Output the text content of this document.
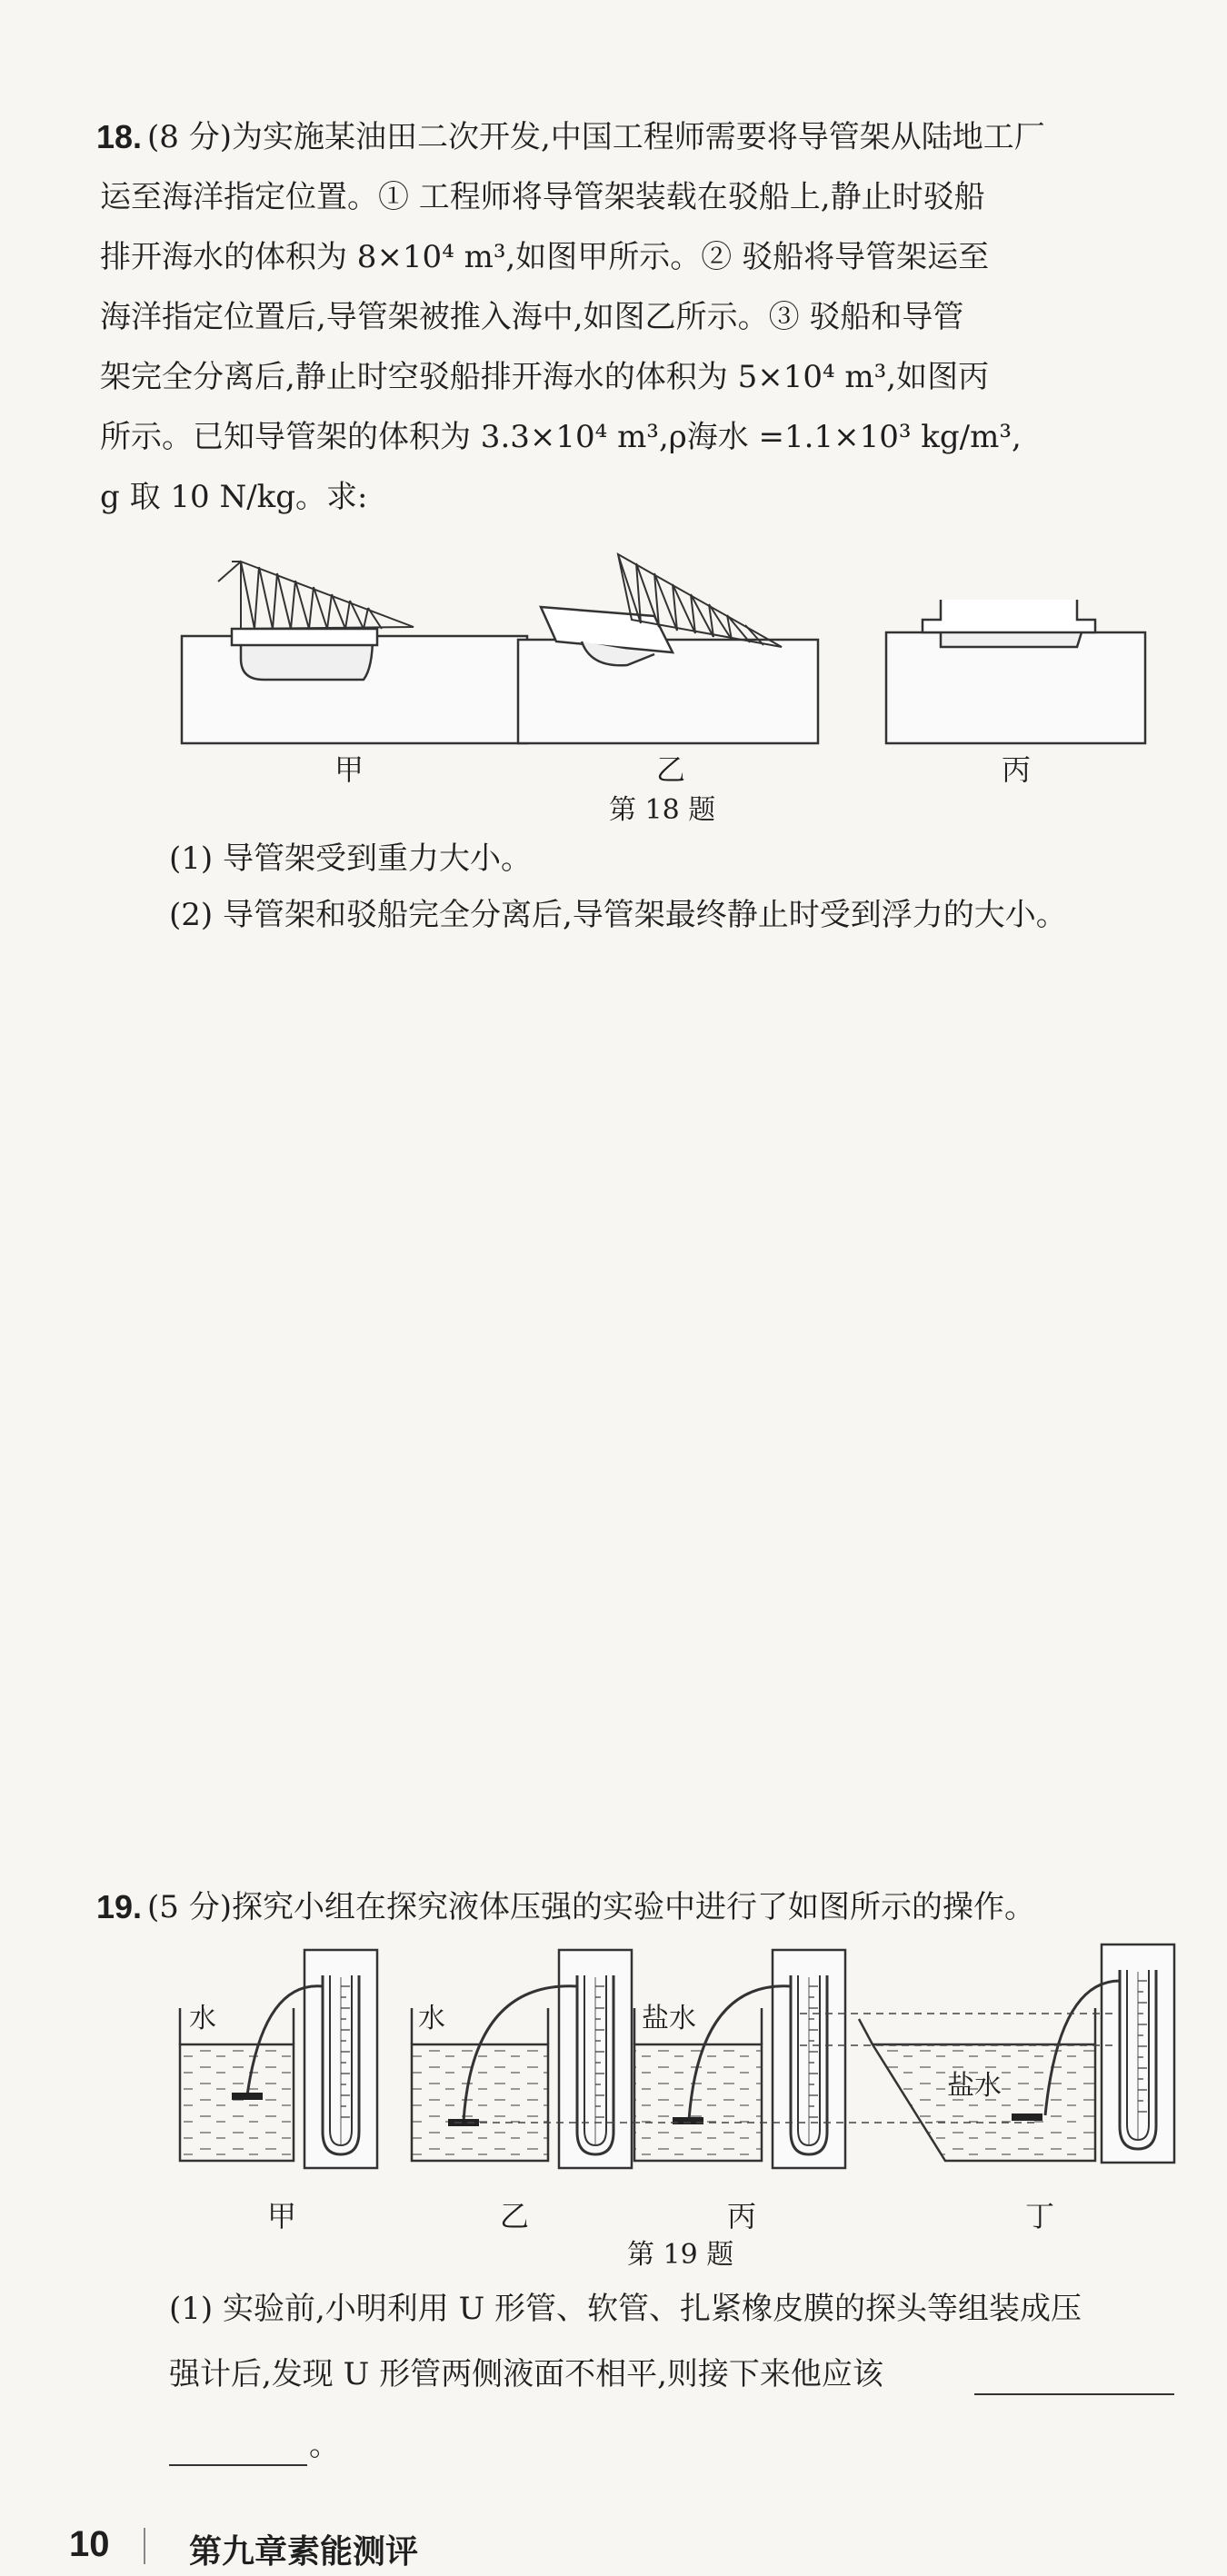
18. (8 分)为实施某油田二次开发,中国工程师需要将导管架从陆地工厂
运至海洋指定位置。① 工程师将导管架装载在驳船上,静止时驳船
排开海水的体积为 8×10⁴ m³,如图甲所示。② 驳船将导管架运至
海洋指定位置后,导管架被推入海中,如图乙所示。③ 驳船和导管
架完全分离后,静止时空驳船排开海水的体积为 5×10⁴ m³,如图丙
所示。已知导管架的体积为 3.3×10⁴ m³,ρ海水 =1.1×10³ kg/m³,
g 取 10 N/kg。求:
甲	乙	丙
第 18 题
(1) 导管架受到重力大小。
(2) 导管架和驳船完全分离后,导管架最终静止时受到浮力的大小。
19. (5 分)探究小组在探究液体压强的实验中进行了如图所示的操作。
水	水	盐水
盐水
甲	乙	丙	丁
第 19 题
(1) 实验前,小明利用 U 形管、软管、扎紧橡皮膜的探头等组装成压
强计后,发现 U 形管两侧液面不相平,则接下来他应该
。
10 第九章素能测评
